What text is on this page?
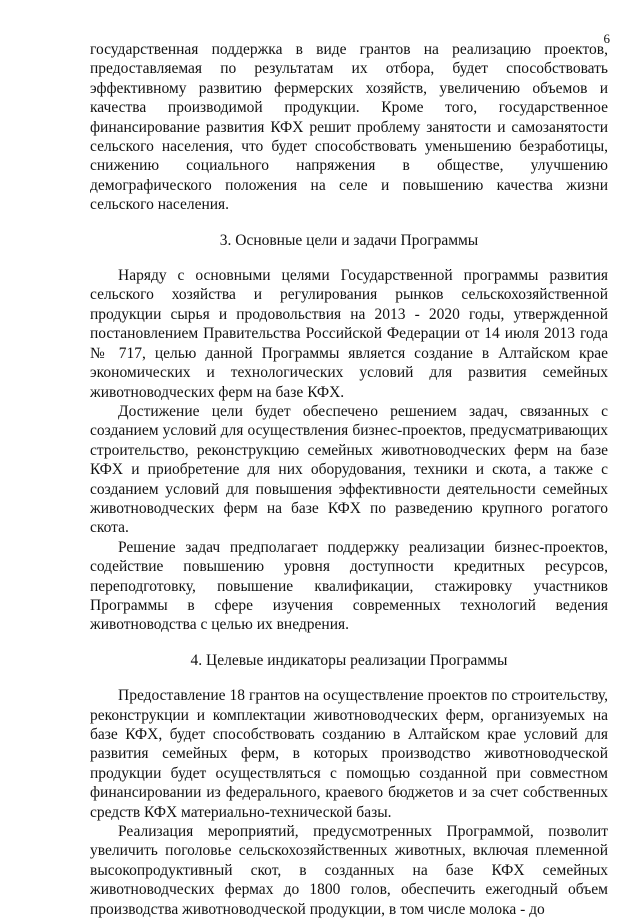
6

государственная поддержка в виде грантов на реализацию проектов, предоставляемая по результатам их отбора, будет способствовать эффективному развитию фермерских хозяйств, увеличению объемов и качества производимой продукции. Кроме того, государственное финансирование развития КФХ решит проблему занятости и самозанятости сельского населения, что будет способствовать уменьшению безработицы, снижению социального напряжения в обществе, улучшению демографического положения на селе и повышению качества жизни сельского населения.

3. Основные цели и задачи Программы

Наряду с основными целями Государственной программы развития сельского хозяйства и регулирования рынков сельскохозяйственной продукции сырья и продовольствия на 2013 - 2020 годы, утвержденной постановлением Правительства Российской Федерации от 14 июля 2013 года № 717, целью данной Программы является создание в Алтайском крае экономических и технологических условий для развития семейных животноводческих ферм на базе КФХ.

Достижение цели будет обеспечено решением задач, связанных с созданием условий для осуществления бизнес-проектов, предусматривающих строительство, реконструкцию семейных животноводческих ферм на базе КФХ и приобретение для них оборудования, техники и скота, а также с созданием условий для повышения эффективности деятельности семейных животноводческих ферм на базе КФХ по разведению крупного рогатого скота.

Решение задач предполагает поддержку реализации бизнес-проектов, содействие повышению уровня доступности кредитных ресурсов, переподготовку, повышение квалификации, стажировку участников Программы в сфере изучения современных технологий ведения животноводства с целью их внедрения.

4. Целевые индикаторы реализации Программы

Предоставление 18 грантов на осуществление проектов по строительству, реконструкции и комплектации животноводческих ферм, организуемых на базе КФХ, будет способствовать созданию в Алтайском крае условий для развития семейных ферм, в которых производство животноводческой продукции будет осуществляться с помощью созданной при совместном финансировании из федерального, краевого бюджетов и за счет собственных средств КФХ материально-технической базы.

Реализация мероприятий, предусмотренных Программой, позволит увеличить поголовье сельскохозяйственных животных, включая племенной высокопродуктивный скот, в созданных на базе КФХ семейных животноводческих фермах до 1800 голов, обеспечить ежегодный объем производства животноводческой продукции, в том числе молока - до
